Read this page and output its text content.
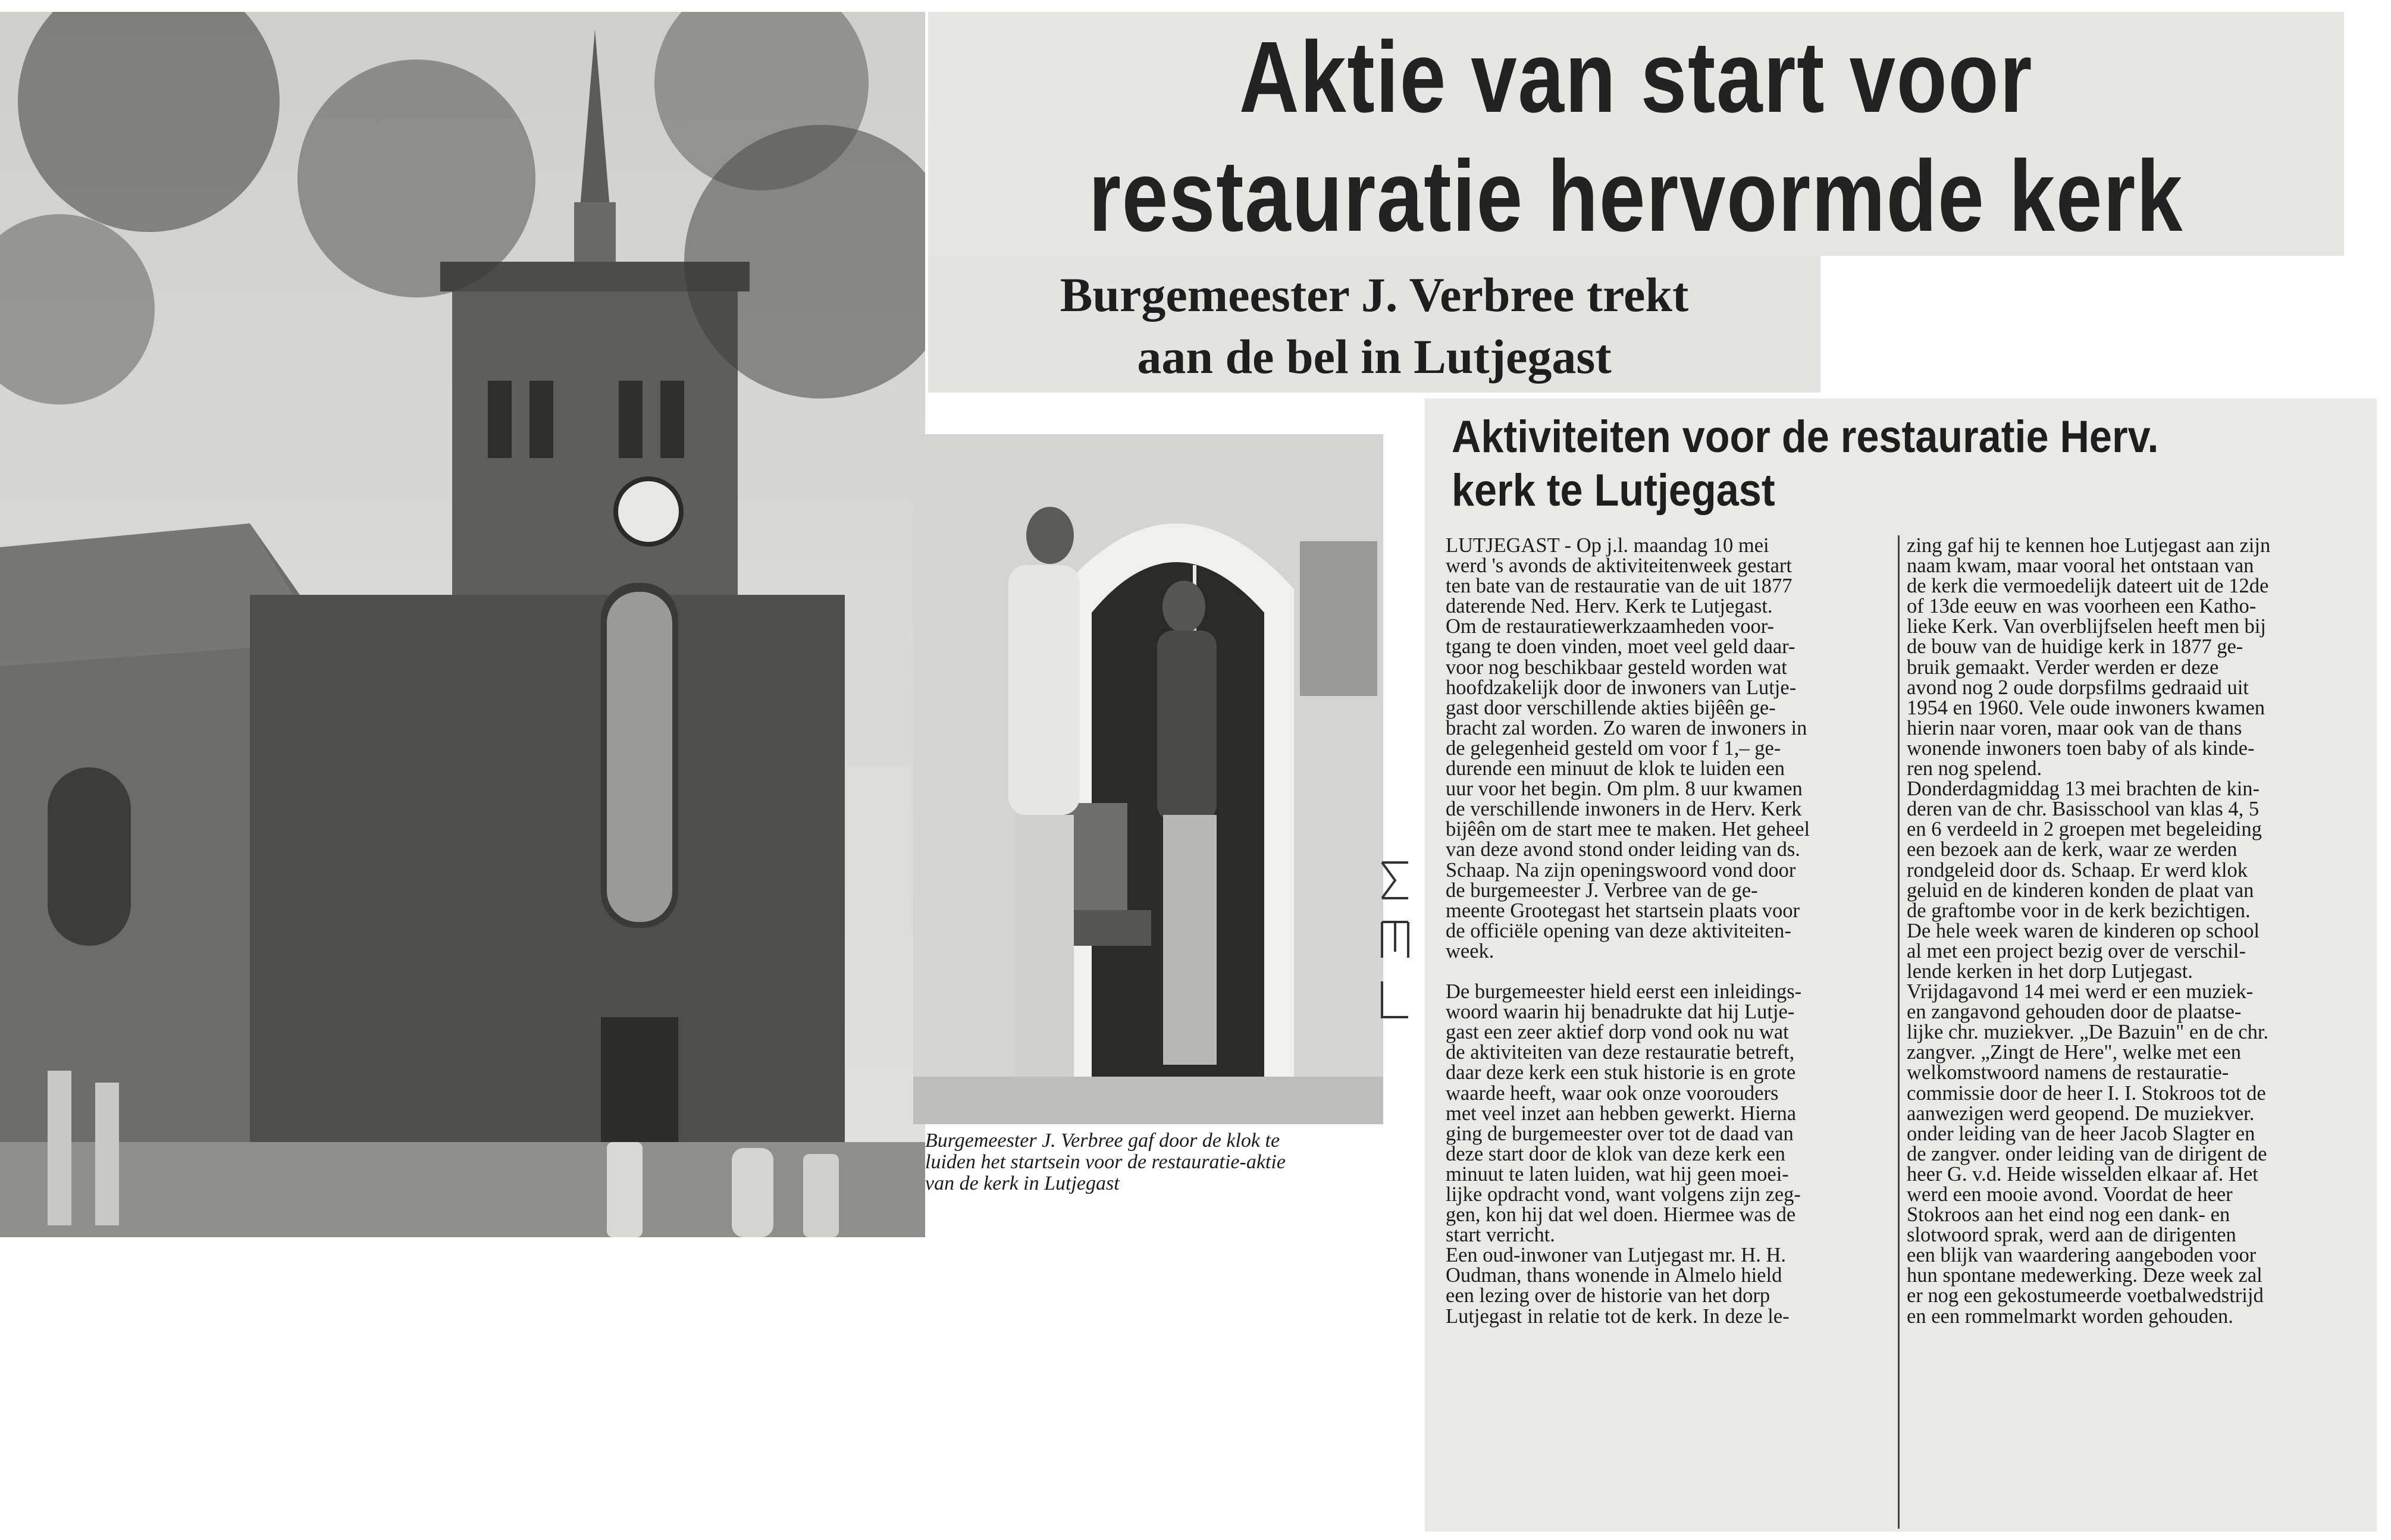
Aktie van start voor
restauratie hervormde kerk
Burgemeester J. Verbree trekt
aan de bel in Lutjegast
Burgemeester J. Verbree gaf door de klok te
luiden het startsein voor de restauratie-aktie
van de kerk in Lutjegast
Aktiviteiten voor de restauratie Herv.
kerk te Lutjegast
LUTJEGAST - Op j.l. maandag 10 mei
werd 's avonds de aktiviteitenweek gestart
ten bate van de restauratie van de uit 1877
daterende Ned. Herv. Kerk te Lutjegast.
Om de restauratiewerkzaamheden voor-
tgang te doen vinden, moet veel geld daar-
voor nog beschikbaar gesteld worden wat
hoofdzakelijk door de inwoners van Lutje-
gast door verschillende akties bijêên ge-
bracht zal worden. Zo waren de inwoners in
de gelegenheid gesteld om voor f 1,– ge-
durende een minuut de klok te luiden een
uur voor het begin. Om plm. 8 uur kwamen
de verschillende inwoners in de Herv. Kerk
bijêên om de start mee te maken. Het geheel
van deze avond stond onder leiding van ds.
Schaap. Na zijn openingswoord vond door
de burgemeester J. Verbree van de ge-
meente Grootegast het startsein plaats voor
de officiële opening van deze aktiviteiten-
week.
De burgemeester hield eerst een inleidings-
woord waarin hij benadrukte dat hij Lutje-
gast een zeer aktief dorp vond ook nu wat
de aktiviteiten van deze restauratie betreft,
daar deze kerk een stuk historie is en grote
waarde heeft, waar ook onze voorouders
met veel inzet aan hebben gewerkt. Hierna
ging de burgemeester over tot de daad van
deze start door de klok van deze kerk een
minuut te laten luiden, wat hij geen moei-
lijke opdracht vond, want volgens zijn zeg-
gen, kon hij dat wel doen. Hiermee was de
start verricht.
Een oud-inwoner van Lutjegast mr. H. H.
Oudman, thans wonende in Almelo hield
een lezing over de historie van het dorp
Lutjegast in relatie tot de kerk. In deze le-
zing gaf hij te kennen hoe Lutjegast aan zijn
naam kwam, maar vooral het ontstaan van
de kerk die vermoedelijk dateert uit de 12de
of 13de eeuw en was voorheen een Katho-
lieke Kerk. Van overblijfselen heeft men bij
de bouw van de huidige kerk in 1877 ge-
bruik gemaakt. Verder werden er deze
avond nog 2 oude dorpsfilms gedraaid uit
1954 en 1960. Vele oude inwoners kwamen
hierin naar voren, maar ook van de thans
wonende inwoners toen baby of als kinde-
ren nog spelend.
Donderdagmiddag 13 mei brachten de kin-
deren van de chr. Basisschool van klas 4, 5
en 6 verdeeld in 2 groepen met begeleiding
een bezoek aan de kerk, waar ze werden
rondgeleid door ds. Schaap. Er werd klok
geluid en de kinderen konden de plaat van
de graftombe voor in de kerk bezichtigen.
De hele week waren de kinderen op school
al met een project bezig over de verschil-
lende kerken in het dorp Lutjegast.
Vrijdagavond 14 mei werd er een muziek-
en zangavond gehouden door de plaatse-
lijke chr. muziekver. „De Bazuin" en de chr.
zangver. „Zingt de Here", welke met een
welkomstwoord namens de restauratie-
commissie door de heer I. I. Stokroos tot de
aanwezigen werd geopend. De muziekver.
onder leiding van de heer Jacob Slagter en
de zangver. onder leiding van de dirigent de
heer G. v.d. Heide wisselden elkaar af. Het
werd een mooie avond. Voordat de heer
Stokroos aan het eind nog een dank- en
slotwoord sprak, werd aan de dirigenten
een blijk van waardering aangeboden voor
hun spontane medewerking. Deze week zal
er nog een gekostumeerde voetbalwedstrijd
en een rommelmarkt worden gehouden.
